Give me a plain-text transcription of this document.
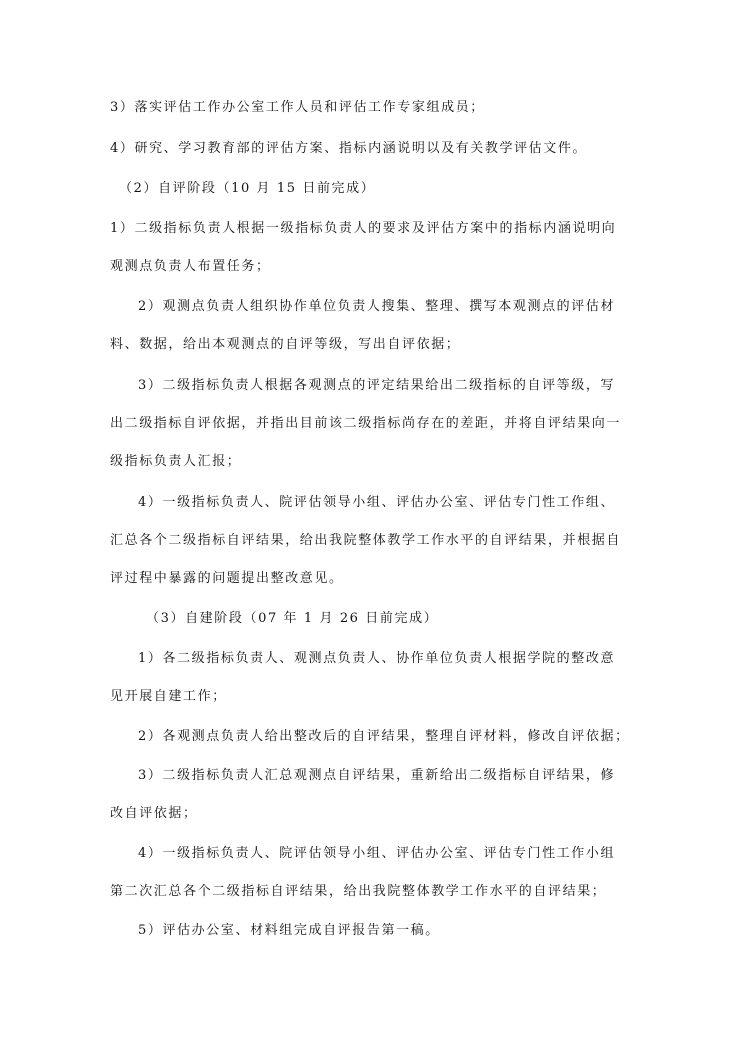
3）落实评估工作办公室工作人员和评估工作专家组成员；
4）研究、学习教育部的评估方案、指标内涵说明以及有关教学评估文件。
（2）自评阶段（10 月 15 日前完成）
1）二级指标负责人根据一级指标负责人的要求及评估方案中的指标内涵说明向
观测点负责人布置任务；
2）观测点负责人组织协作单位负责人搜集、整理、撰写本观测点的评估材
料、数据，给出本观测点的自评等级，写出自评依据；
3）二级指标负责人根据各观测点的评定结果给出二级指标的自评等级，写
出二级指标自评依据，并指出目前该二级指标尚存在的差距，并将自评结果向一
级指标负责人汇报；
4）一级指标负责人、院评估领导小组、评估办公室、评估专门性工作组、
汇总各个二级指标自评结果，给出我院整体教学工作水平的自评结果，并根据自
评过程中暴露的问题提出整改意见。
（3）自建阶段（07 年 1 月 26 日前完成）
1）各二级指标负责人、观测点负责人、协作单位负责人根据学院的整改意
见开展自建工作；
2）各观测点负责人给出整改后的自评结果，整理自评材料，修改自评依据；
3）二级指标负责人汇总观测点自评结果，重新给出二级指标自评结果，修
改自评依据；
4）一级指标负责人、院评估领导小组、评估办公室、评估专门性工作小组
第二次汇总各个二级指标自评结果，给出我院整体教学工作水平的自评结果；
5）评估办公室、材料组完成自评报告第一稿。
